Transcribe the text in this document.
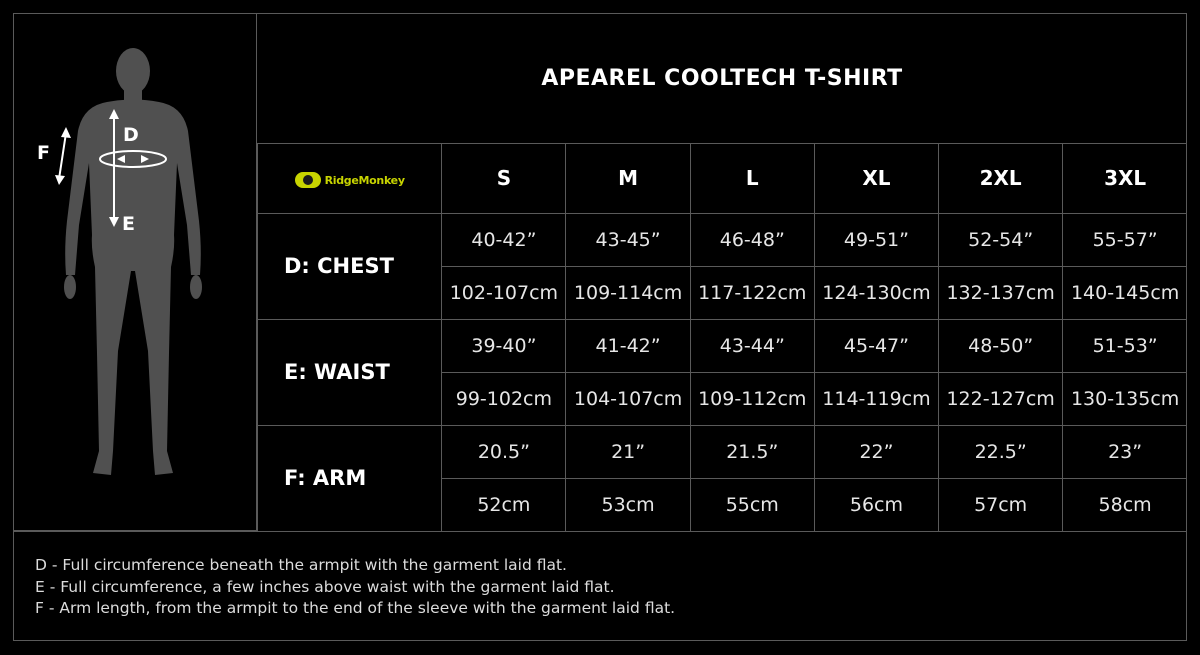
D
E
F
APEAREL COOLTECH T-SHIRT
RidgeMonkey	S	M	L	XL	2XL	3XL
D: CHEST	40-42”	43-45”	46-48”	49-51”	52-54”	55-57”
	102-107cm	109-114cm	117-122cm	124-130cm	132-137cm	140-145cm
E: WAIST	39-40”	41-42”	43-44”	45-47”	48-50”	51-53”
	99-102cm	104-107cm	109-112cm	114-119cm	122-127cm	130-135cm
F: ARM	20.5”	21”	21.5”	22”	22.5”	23”
	52cm	53cm	55cm	56cm	57cm	58cm

D - Full circumference beneath the armpit with the garment laid flat.

E - Full circumference, a few inches above waist with the garment laid flat.

F - Arm length, from the armpit to the end of the sleeve with the garment laid flat.
